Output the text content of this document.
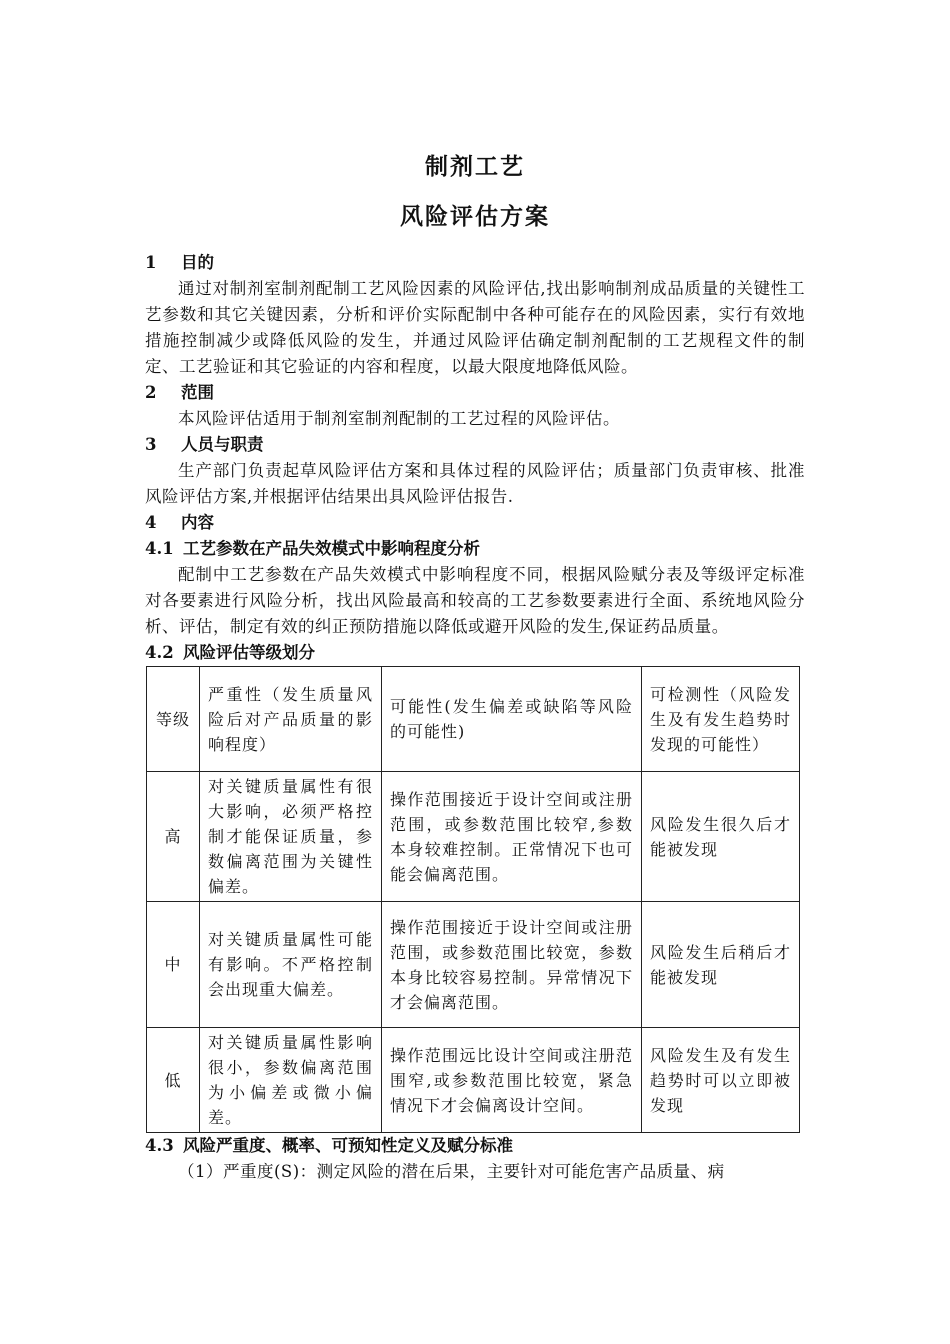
制剂工艺
风险评估方案
1 目的

通过对制剂室制剂配制工艺风险因素的风险评估,找出影响制剂成品质量的关键性工艺参数和其它关键因素，分析和评价实际配制中各种可能存在的风险因素，实行有效地措施控制减少或降低风险的发生，并通过风险评估确定制剂配制的工艺规程文件的制定、工艺验证和其它验证的内容和程度，以最大限度地降低风险。

2 范围

本风险评估适用于制剂室制剂配制的工艺过程的风险评估。

3 人员与职责

生产部门负责起草风险评估方案和具体过程的风险评估；质量部门负责审核、批准风险评估方案,并根据评估结果出具风险评估报告.

4 内容
4.1 工艺参数在产品失效模式中影响程度分析

配制中工艺参数在产品失效模式中影响程度不同，根据风险赋分表及等级评定标准对各要素进行风险分析，找出风险最高和较高的工艺参数要素进行全面、系统地风险分析、评估，制定有效的纠正预防措施以降低或避开风险的发生,保证药品质量。

4.2 风险评估等级划分
等级	严重性（发生质量风险后对产品质量的影响程度）	可能性(发生偏差或缺陷等风险的可能性)	可检测性（风险发生及有发生趋势时发现的可能性）
高	对关键质量属性有很大影响，必须严格控制才能保证质量，参数偏离范围为关键性偏差。	操作范围接近于设计空间或注册范围，或参数范围比较窄,参数本身较难控制。正常情况下也可能会偏离范围。	风险发生很久后才能被发现
中	对关键质量属性可能有影响。不严格控制会出现重大偏差。	操作范围接近于设计空间或注册范围，或参数范围比较宽，参数本身比较容易控制。异常情况下才会偏离范围。	风险发生后稍后才能被发现
低	对关键质量属性影响很小，参数偏离范围为小偏差或微小偏差。	操作范围远比设计空间或注册范围窄,或参数范围比较宽，紧急情况下才会偏离设计空间。	风险发生及有发生趋势时可以立即被发现
4.3 风险严重度、概率、可预知性定义及赋分标准

（1）严重度(S)：测定风险的潜在后果，主要针对可能危害产品质量、病
